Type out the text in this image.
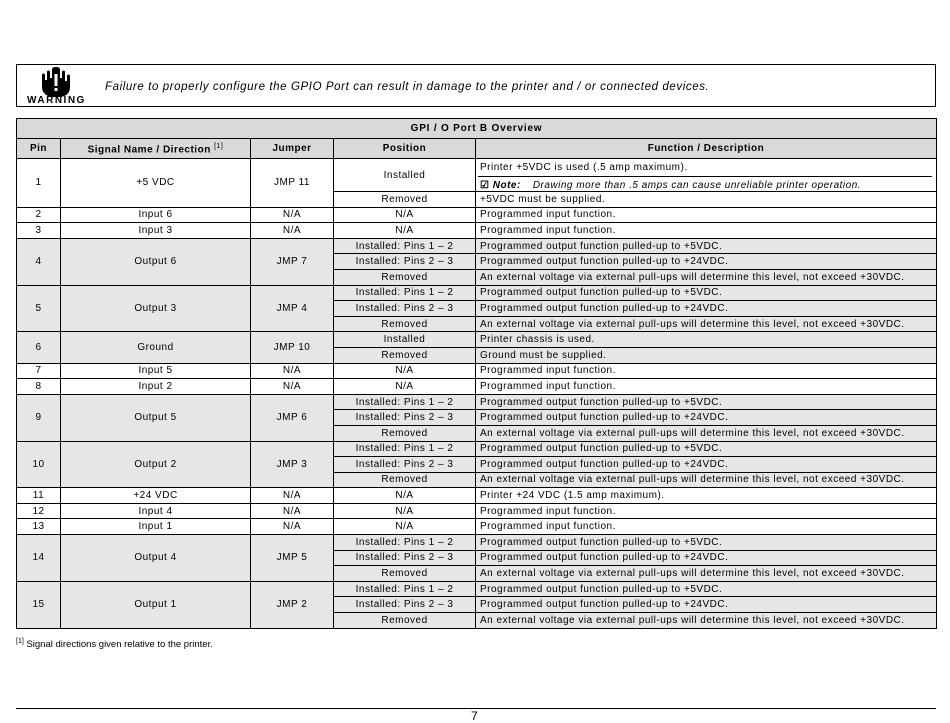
WARNING
Failure to properly configure the GPIO Port can result in damage to the printer and / or connected devices.
GPI / O Port B Overview				
Pin	Signal Name / Direction [1]	Jumper	Position	Function / Description
1	+5 VDC	JMP 11	Installed	Printer +5VDC is used (.5 amp maximum).
☑ Note: Drawing more than .5 amps can cause unreliable printer operation.

			Removed	+5VDC must be supplied.
2	Input 6	N/A	N/A	Programmed input function.
3	Input 3	N/A	N/A	Programmed input function.
4	Output 6	JMP 7	Installed: Pins 1 – 2	Programmed output function pulled-up to +5VDC.
			Installed: Pins 2 – 3	Programmed output function pulled-up to +24VDC.
			Removed	An external voltage via external pull-ups will determine this level, not exceed +30VDC.
5	Output 3	JMP 4	Installed: Pins 1 – 2	Programmed output function pulled-up to +5VDC.
			Installed: Pins 2 – 3	Programmed output function pulled-up to +24VDC.
			Removed	An external voltage via external pull-ups will determine this level, not exceed +30VDC.
6	Ground	JMP 10	Installed	Printer chassis is used.
			Removed	Ground must be supplied.
7	Input 5	N/A	N/A	Programmed input function.
8	Input 2	N/A	N/A	Programmed input function.
9	Output 5	JMP 6	Installed: Pins 1 – 2	Programmed output function pulled-up to +5VDC.
			Installed: Pins 2 – 3	Programmed output function pulled-up to +24VDC.
			Removed	An external voltage via external pull-ups will determine this level, not exceed +30VDC.
10	Output 2	JMP 3	Installed: Pins 1 – 2	Programmed output function pulled-up to +5VDC.
			Installed: Pins 2 – 3	Programmed output function pulled-up to +24VDC.
			Removed	An external voltage via external pull-ups will determine this level, not exceed +30VDC.
11	+24 VDC	N/A	N/A	Printer +24 VDC (1.5 amp maximum).
12	Input 4	N/A	N/A	Programmed input function.
13	Input 1	N/A	N/A	Programmed input function.
14	Output 4	JMP 5	Installed: Pins 1 – 2	Programmed output function pulled-up to +5VDC.
			Installed: Pins 2 – 3	Programmed output function pulled-up to +24VDC.
			Removed	An external voltage via external pull-ups will determine this level, not exceed +30VDC.
15	Output 1	JMP 2	Installed: Pins 1 – 2	Programmed output function pulled-up to +5VDC.
			Installed: Pins 2 – 3	Programmed output function pulled-up to +24VDC.
			Removed	An external voltage via external pull-ups will determine this level, not exceed +30VDC.
[1] Signal directions given relative to the printer.
7
